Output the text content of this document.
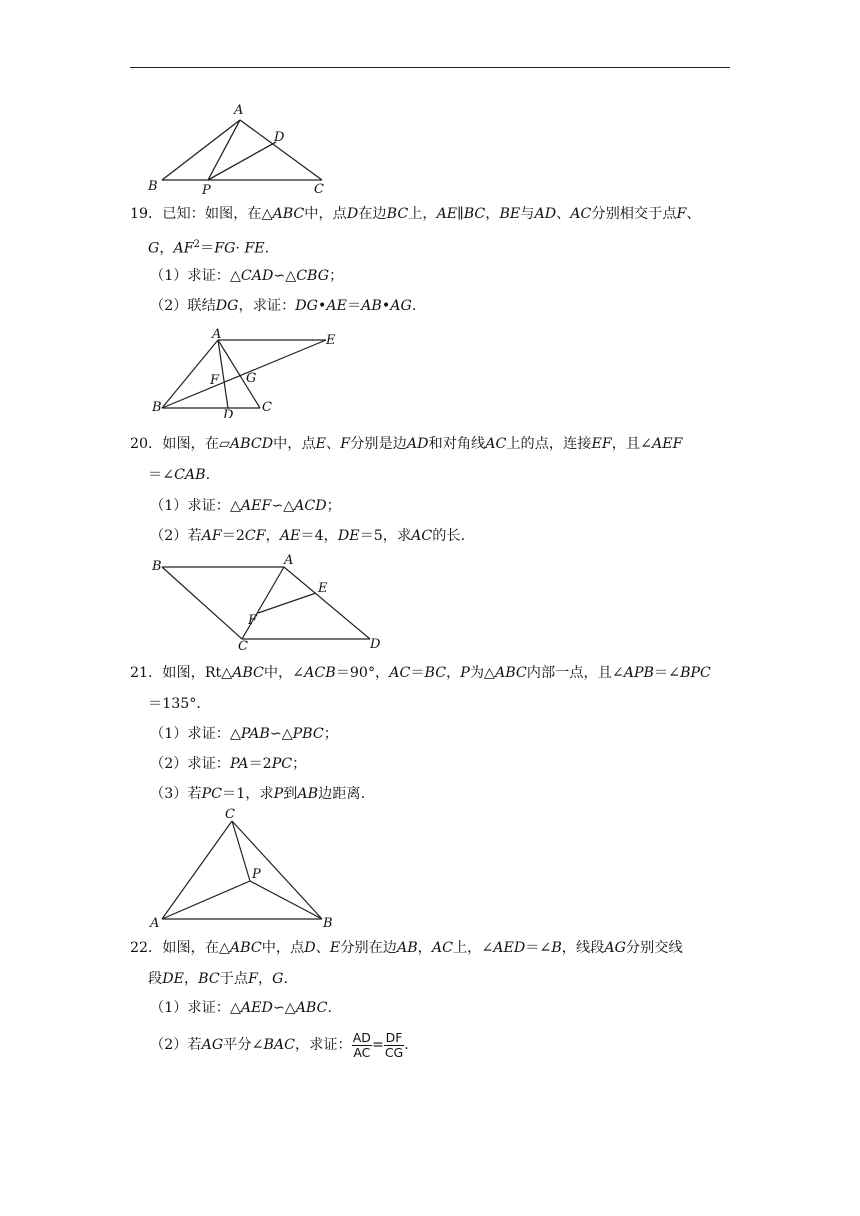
A
D
B	P	C
19．已知：如图，在△ABC中，点D在边BC上，AE∥BC，BE与AD、AC分别相交于点F、
G，$AF^2=FG\cdot$ FE.
（1）求证：△CAD∽△CBG；
（2）联结DG，求证：DG•AE＝AB•AG.
A	E
F G
B
D
C
20．如图，在▱ABCD中，点E、F分别是边AD和对角线AC上的点，连接EF，且∠AEF
＝∠CAB.
（1）求证：△AEF∽△ACD；
（2）若AF＝2CF，AE＝4，DE＝5，求AC的长.
B	A
E
F
C	D
21．如图，Rt△ABC中，∠ACB＝90°，AC＝BC，P为△ABC内部一点，且∠APB＝∠BPC
＝135°．
（1）求证：△PAB∽△PBC；
（2）求证：PA＝2PC；
（3）若PC＝1，求P到AB边距离.
C
P
A	B
22．如图，在△ABC中，点D、E分别在边AB，AC上，∠AED＝∠B，线段AG分别交线
段DE，BC于点F，G.
（1）求证：△AED∽△ABC.
（2）若AG平分∠BAC，求证： $\frac{AD}{AC} = \frac{DF}{CG}$ .
